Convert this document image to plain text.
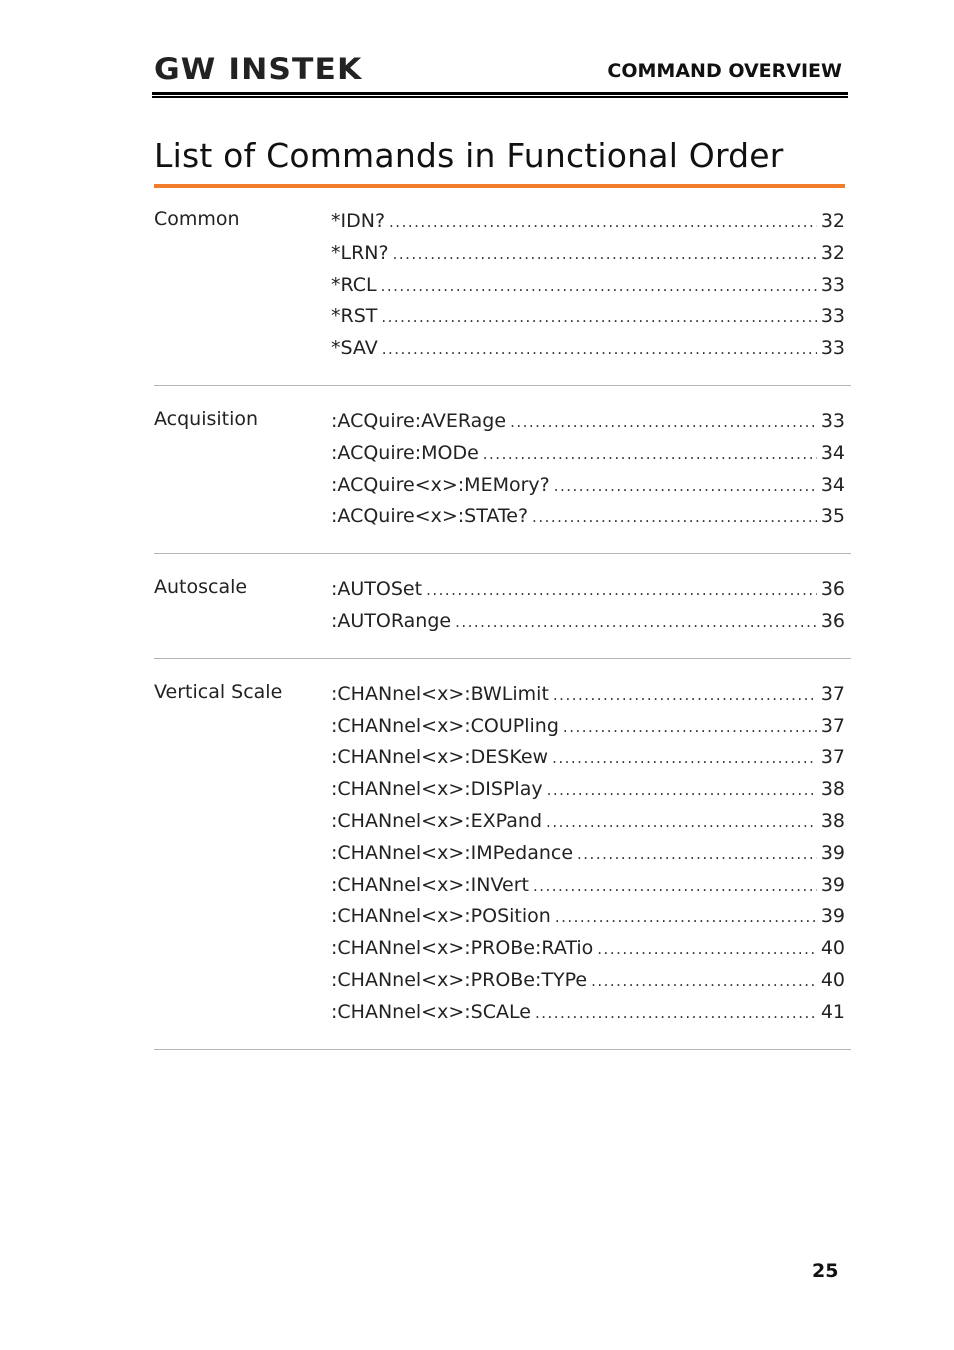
GW INSTEK	COMMAND OVERVIEW
List of Commands in Functional Order
Common	*IDN? .....	32
*LRN? .....	32
*RCL .....	33
*RST .....	33
*SAV .....	33
Acquisition	:ACQuire:AVERage .....	33
:ACQuire:MODe .....	34
:ACQuire<x>:MEMory? .....	34
:ACQuire<x>:STATe? .....	35
Autoscale	:AUTOSet .....	36
:AUTORange .....	36
Vertical Scale	:CHANnel<x>:BWLimit .....	37
:CHANnel<x>:COUPling .....	37
:CHANnel<x>:DESKew .....	37
:CHANnel<x>:DISPlay .....	38
:CHANnel<x>:EXPand .....	38
:CHANnel<x>:IMPedance .....	39
:CHANnel<x>:INVert .....	39
:CHANnel<x>:POSition .....	39
:CHANnel<x>:PROBe:RATio .....	40
:CHANnel<x>:PROBe:TYPe .....	40
:CHANnel<x>:SCALe .....	41
25
